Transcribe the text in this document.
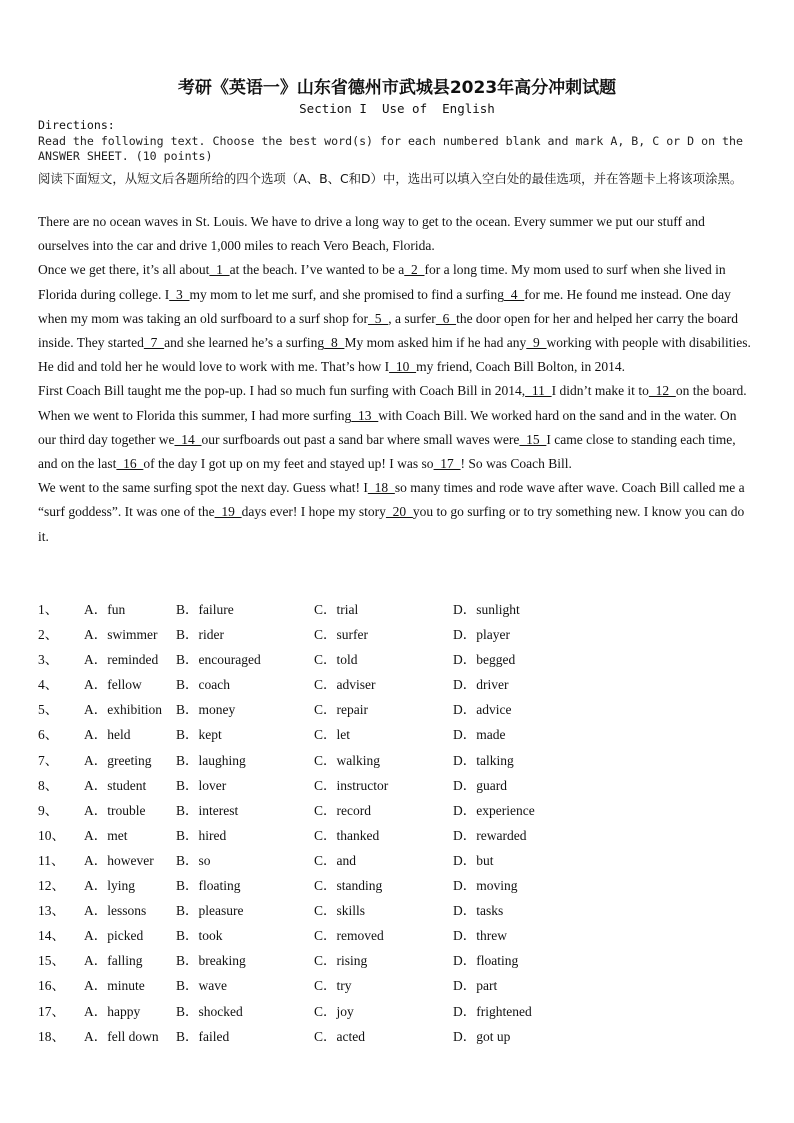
考研《英语一》山东省德州市武城县2023年高分冲刺试题
Section I  Use of  English
Directions:
Read the following text. Choose the best word(s) for each numbered blank and mark A, B, C or D on the
ANSWER SHEET. (10 points)
阅读下面短文，从短文后各题所给的四个选项（A、B、C和D）中，选出可以填入空白处的最佳选项，并在答题卡上将该项涂黑。

There are no ocean waves in St. Louis. We have to drive a long way to get to the ocean. Every summer we put our stuff and ourselves into the car and drive 1,000 miles to reach Vero Beach, Florida.

Once we get there, it’s all about  1  at the beach. I’ve wanted to be a  2  for a long time. My mom used to surf when she lived in Florida during college. I  3  my mom to let me surf, and she promised to find a surfing  4  for me. He found me instead. One day when my mom was taking an old surfboard to a surf shop for  5  , a surfer  6  the door open for her and helped her carry the board inside. They started  7  and she learned he’s a surfing  8  My mom asked him if he had any  9  working with people with disabilities. He did and told her he would love to work with me. That’s how I  10  my friend, Coach Bill Bolton, in 2014.

First Coach Bill taught me the pop-up. I had so much fun surfing with Coach Bill in 2014,  11  I didn’t make it to  12  on the board.

When we went to Florida this summer, I had more surfing  13  with Coach Bill. We worked hard on the sand and in the water. On our third day together we  14  our surfboards out past a sand bar where small waves were  15  I came close to standing each time, and on the last  16  of the day I got up on my feet and stayed up! I was so  17  ! So was Coach Bill.

We went to the same surfing spot the next day. Guess what! I  18  so many times and rode wave after wave. Coach Bill called me a “surf goddess”. It was one of the  19  days ever! I hope my story  20  you to go surfing or to try something new. I know you can do it.

1、 A．fun	B．failure	C．trial	D．sunlight
2、 A．swimmer B．rider	C．surfer	D．player
3、 A．reminded B．encouraged	C．told	D．begged
4、 A．fellow	B．coach	C．adviser	D．driver
5、 A．exhibition B．money	C．repair	D．advice
6、 A．held	B．kept	C．let	D．made
7、 A．greeting B．laughing	C．walking	D．talking
8、 A．student B．lover	C．instructor	D．guard
9、 A．trouble B．interest	C．record	D．experience
10、 A．met	B．hired	C．thanked	D．rewarded
11、 A．however B．so	C．and	D．but
12、 A．lying	B．floating	C．standing	D．moving
13、 A．lessons B．pleasure	C．skills	D．tasks
14、 A．picked B．took	C．removed	D．threw
15、 A．falling B．breaking	C．rising	D．floating
16、 A．minute B．wave	C．try	D．part
17、 A．happy	B．shocked	C．joy	D．frightened
18、 A．fell down B．failed	C．acted	D．got up
